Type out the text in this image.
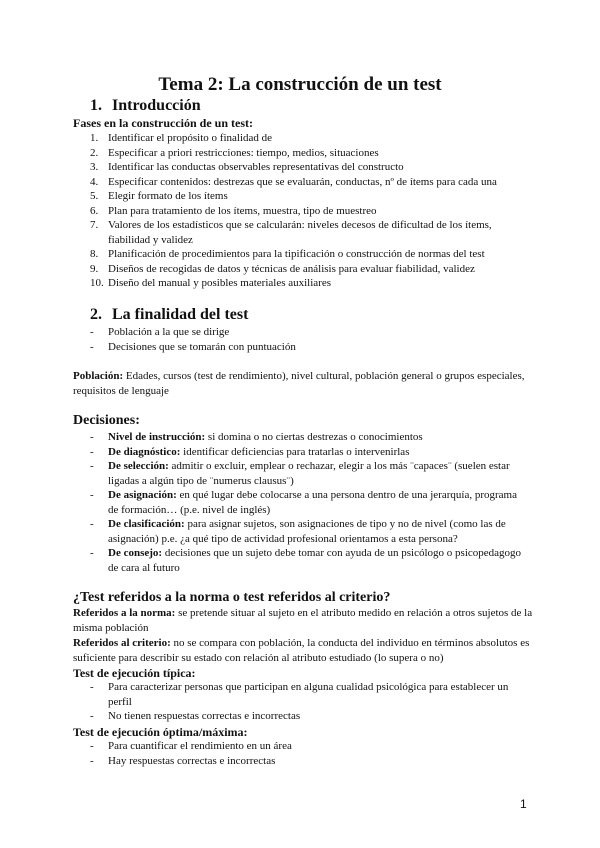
Tema 2: La construcción de un test
1. Introducción
Fases en la construcción de un test:
1. Identificar el propósito o finalidad de
2. Especificar a priori restricciones: tiempo, medios, situaciones
3. Identificar las conductas observables representativas del constructo
4. Especificar contenidos: destrezas que se evaluarán, conductas, nº de ítems para cada una
5. Elegir formato de los ítems
6. Plan para tratamiento de los ítems, muestra, tipo de muestreo
7. Valores de los estadísticos que se calcularán: niveles decesos de dificultad de los ítems, fiabilidad y validez
8. Planificación de procedimientos para la tipificación o construcción de normas del test
9. Diseños de recogidas de datos y técnicas de análisis para evaluar fiabilidad, validez
10. Diseño del manual y posibles materiales auxiliares
2. La finalidad del test
- Población a la que se dirige
- Decisiones que se tomarán con puntuación
Población: Edades, cursos (test de rendimiento), nivel cultural, población general o grupos especiales, requisitos de lenguaje
Decisiones:
- Nivel de instrucción: si domina o no ciertas destrezas o conocimientos
- De diagnóstico: identificar deficiencias para tratarlas o intervenirlas
- De selección: admitir o excluir, emplear o rechazar, elegir a los más ¨capaces¨ (suelen estar ligadas a algún tipo de ¨numerus clausus¨)
- De asignación: en qué lugar debe colocarse a una persona dentro de una jerarquía, programa de formación… (p.e. nivel de inglés)
- De clasificación: para asignar sujetos, son asignaciones de tipo y no de nivel (como las de asignación) p.e. ¿a qué tipo de actividad profesional orientamos a esta persona?
- De consejo: decisiones que un sujeto debe tomar con ayuda de un psicólogo o psicopedagogo de cara al futuro
¿Test referidos a la norma o test referidos al criterio?
Referidos a la norma: se pretende situar al sujeto en el atributo medido en relación a otros sujetos de la misma población
Referidos al criterio: no se compara con población, la conducta del individuo en términos absolutos es suficiente para describir su estado con relación al atributo estudiado (lo supera o no)
Test de ejecución típica:
- Para caracterizar personas que participan en alguna cualidad psicológica para establecer un perfil
- No tienen respuestas correctas e incorrectas
Test de ejecución óptima/máxima:
- Para cuantificar el rendimiento en un área
- Hay respuestas correctas e incorrectas
1
